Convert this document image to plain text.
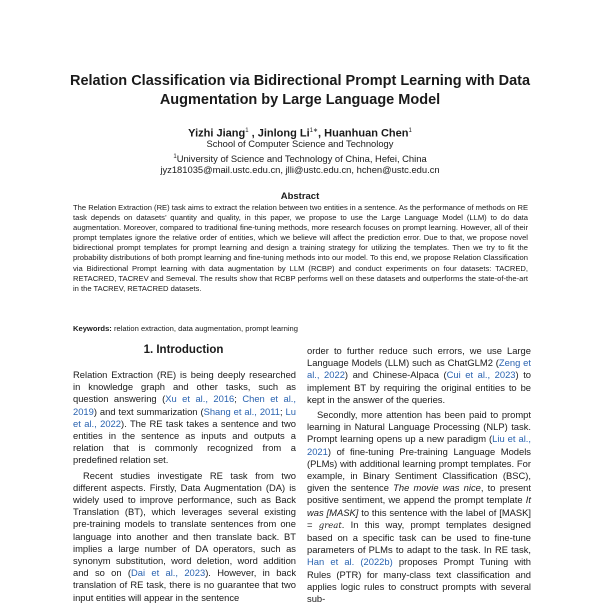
Relation Classification via Bidirectional Prompt Learning with Data
Augmentation by Large Language Model
Yizhi Jiang$^1$ , Jinlong $Li^{1∗}$, Huanhuan Chen$^1$
School of Computer Science and Technology
$^1$University of Science and Technology of China, Hefei, China
jyz181035@mail.ustc.edu.cn, jlli@ustc.edu.cn, hchen@ustc.edu.cn
Abstract
The Relation Extraction (RE) task aims to extract the relation between two entities in a sentence. As the performance of methods on RE task depends on datasets’ quantity and quality, in this paper, we propose to use the Large Language Model (LLM) to do data augmentation. Moreover, compared to traditional fine-tuning methods, more research focuses on prompt learning. However, all of their prompt templates ignore the relative order of entities, which we believe will affect the prediction error. Due to that, we propose novel bidirectional prompt templates for prompt learning and design a training strategy for utilizing the templates. Then we try to fit the probability distributions of both prompt learning and fine-tuning methods into our model. To this end, we propose Relation Classification via Bidirectional Prompt learning with data augmentation by LLM (RCBP) and conduct experiments on four datasets: TACRED, RETACRED, TACREV and Semeval. The results show that RCBP performs well on these datasets and outperforms the state-of-the-art in the TACREV, RETACRED datasets.
Keywords: relation extraction, data augmentation, prompt learning
1. Introduction

Relation Extraction (RE) is being deeply researched in knowledge graph and other tasks, such as question answering (Xu et al., 2016; Chen et al., 2019) and text summarization (Shang et al., 2011; Lu et al., 2022). The RE task takes a sentence and two entities in the sentence as inputs and outputs a relation that is commonly recognized from a predefined relation set.

Recent studies investigate RE task from two different aspects. Firstly, Data Augmentation (DA) is widely used to improve performance, such as Back Translation (BT), which leverages several existing pre-training models to translate sentences from one language into another and then translate back. BT implies a large number of DA operators, such as synonym substitution, word deletion, word addition and so on (Dai et al., 2023). However, in back translation of RE task, there is no guarantee that two input entities will appear in the sentence

order to further reduce such errors, we use Large Language Models (LLM) such as ChatGLM2 (Zeng et al., 2022) and Chinese-Alpaca (Cui et al., 2023) to implement BT by requiring the original entities to be kept in the answer of the queries.

Secondly, more attention has been paid to prompt learning in Natural Language Processing (NLP) task. Prompt learning opens up a new paradigm (Liu et al., 2021) of fine-tuning Pre-training Language Models (PLMs) with additional learning prompt templates. For example, in Binary Sentiment Classification (BSC), given the sentence The movie was nice, to present positive sentiment, we append the prompt template It was [MASK] to this sentence with the label of [MASK] = great. In this way, prompt templates designed based on a specific task can be used to fine-tune parameters of PLMs to adapt to the task. In RE task, Han et al. (2022b) proposes Prompt Tuning with Rules (PTR) for many-class text classification and applies logic rules to construct prompts with several sub-
